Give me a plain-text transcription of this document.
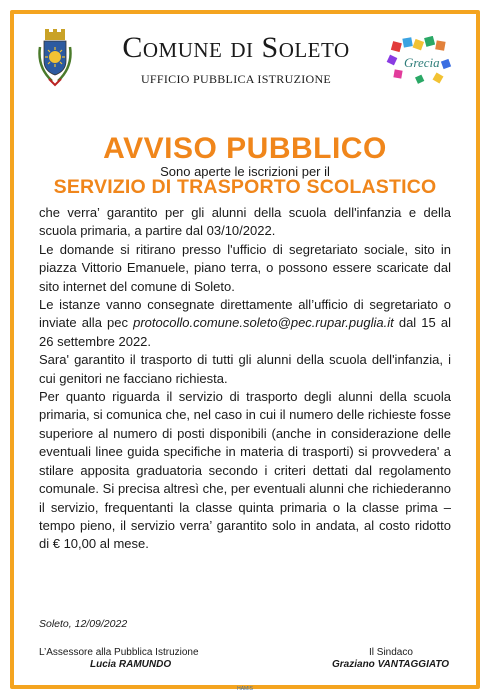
Comune di Soleto
UFFICIO PUBBLICA ISTRUZIONE
Grecia
AVVISO PUBBLICO
Sono aperte le iscrizioni per il
SERVIZIO DI TRASPORTO SCOLASTICO

che verra’ garantito per gli alunni della scuola dell'infanzia e della scuola primaria, a partire dal 03/10/2022.

Le domande si ritirano presso l'ufficio di segretariato sociale, sito in piazza Vittorio Emanuele, piano terra, o possono essere scaricate dal sito internet del comune di Soleto.

Le istanze vanno consegnate direttamente all’ufficio di segretariato o inviate alla pec protocollo.comune.soleto@pec.rupar.puglia.it dal 15 al 26 settembre 2022.

Sara' garantito il trasporto di tutti gli alunni della scuola dell'infanzia, i cui genitori ne facciano richiesta.

Per quanto riguarda il servizio di trasporto degli alunni della scuola primaria, si comunica che, nel caso in cui il numero delle richieste fosse superiore al numero di posti disponibili (anche in considerazione delle eventuali linee guida specifiche in materia di trasporti) si provvedera' a stilare apposita graduatoria secondo i criteri dettati dal regolamento comunale. Si precisa altresì che, per eventuali alunni che richiederanno il servizio, frequentanti la classe quinta primaria o la classe prima – tempo pieno, il servizio verra’ garantito solo in andata, al costo ridotto di € 10,00 al mese.

Soleto, 12/09/2022
L’Assessore alla Pubblica Istruzione
Lucia RAMUNDO
Il Sindaco
Graziano VANTAGGIATO
HAMIS
